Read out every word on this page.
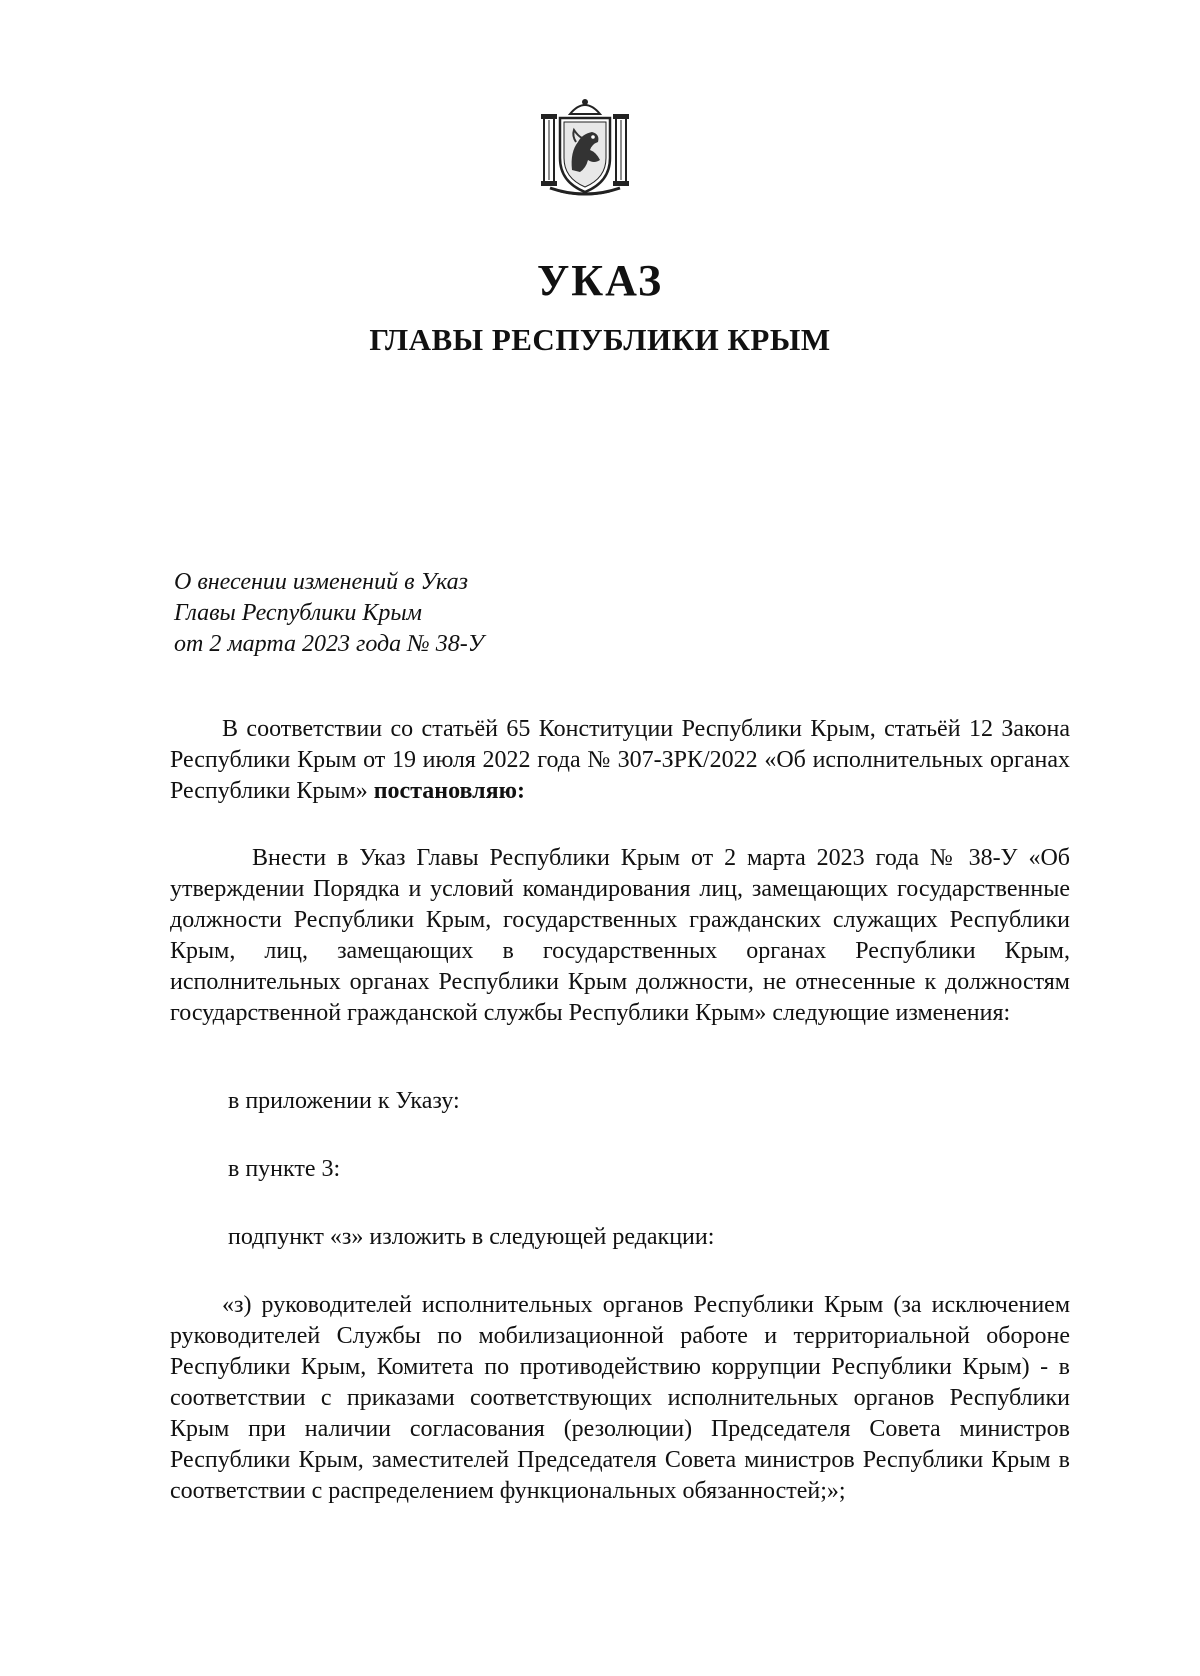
УКАЗ
ГЛАВЫ РЕСПУБЛИКИ КРЫМ
О внесении изменений в Указ
Главы Республики Крым
от 2 марта 2023 года № 38-У

В соответствии со статьёй 65 Конституции Республики Крым, статьёй 12 Закона Республики Крым от 19 июля 2022 года № 307-ЗРК/2022 «Об исполнительных органах Республики Крым» постановляю:

Внести в Указ Главы Республики Крым от 2 марта 2023 года № 38-У «Об утверждении Порядка и условий командирования лиц, замещающих государственные должности Республики Крым, государственных гражданских служащих Республики Крым, лиц, замещающих в государственных органах Республики Крым, исполнительных органах Республики Крым должности, не отнесенные к должностям государственной гражданской службы Республики Крым» следующие изменения:

в приложении к Указу:

в пункте 3:

подпункт «з» изложить в следующей редакции:

«з) руководителей исполнительных органов Республики Крым (за исключением руководителей Службы по мобилизационной работе и территориальной обороне Республики Крым, Комитета по противодействию коррупции Республики Крым) - в соответствии с приказами соответствующих исполнительных органов Республики Крым при наличии согласования (резолюции) Председателя Совета министров Республики Крым, заместителей Председателя Совета министров Республики Крым в соответствии с распределением функциональных обязанностей;»;
